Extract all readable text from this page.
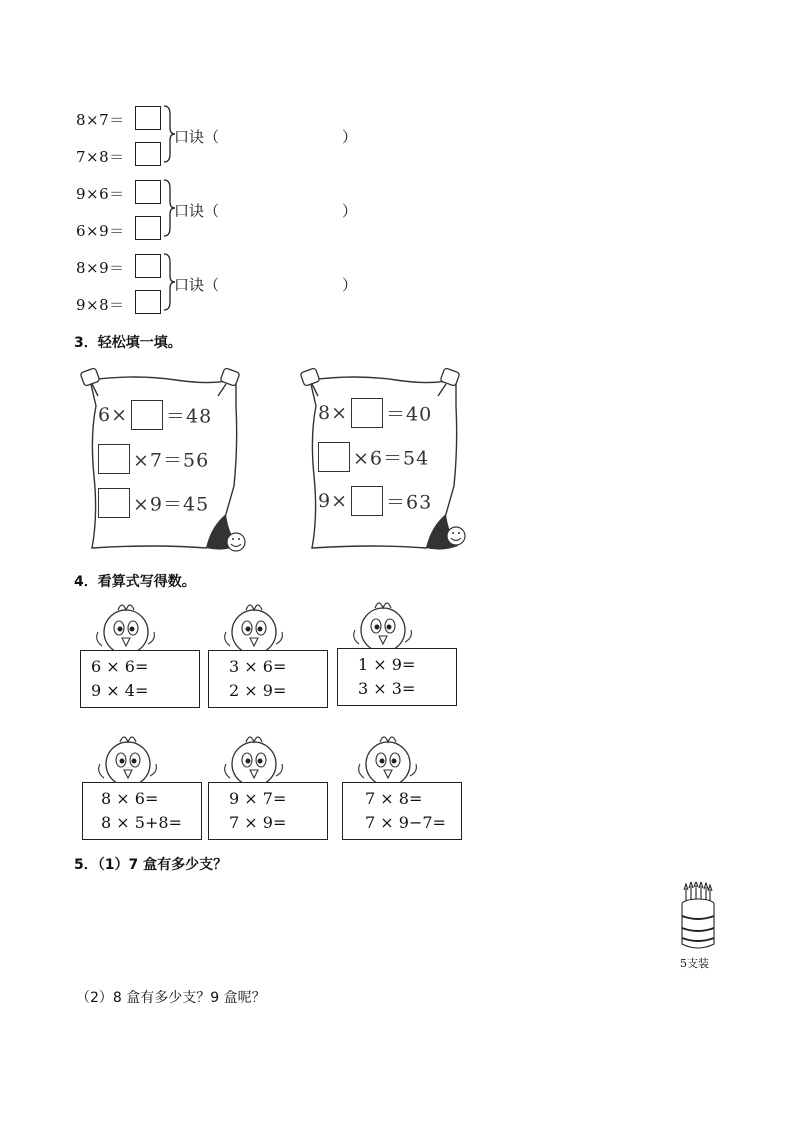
8×7＝
7×8＝
口诀（	）
9×6＝
6×9＝
口诀（	）
8×9＝
9×8＝
口诀（	）
3．轻松填一填。
6× ＝48
×7＝56
×9＝45
8× ＝40
×6＝54
9× ＝63
4．看算式写得数。
6 × 6=
9 × 4=
3 × 6=
2 × 9=
1 × 9=
3 × 3=
8 × 6=
8 × 5+8=
9 × 7=
7 × 9=
7 × 8=
7 × 9−7=
5．（1）7 盒有多少支？
5支装
（2）8 盒有多少支？9 盒呢？
